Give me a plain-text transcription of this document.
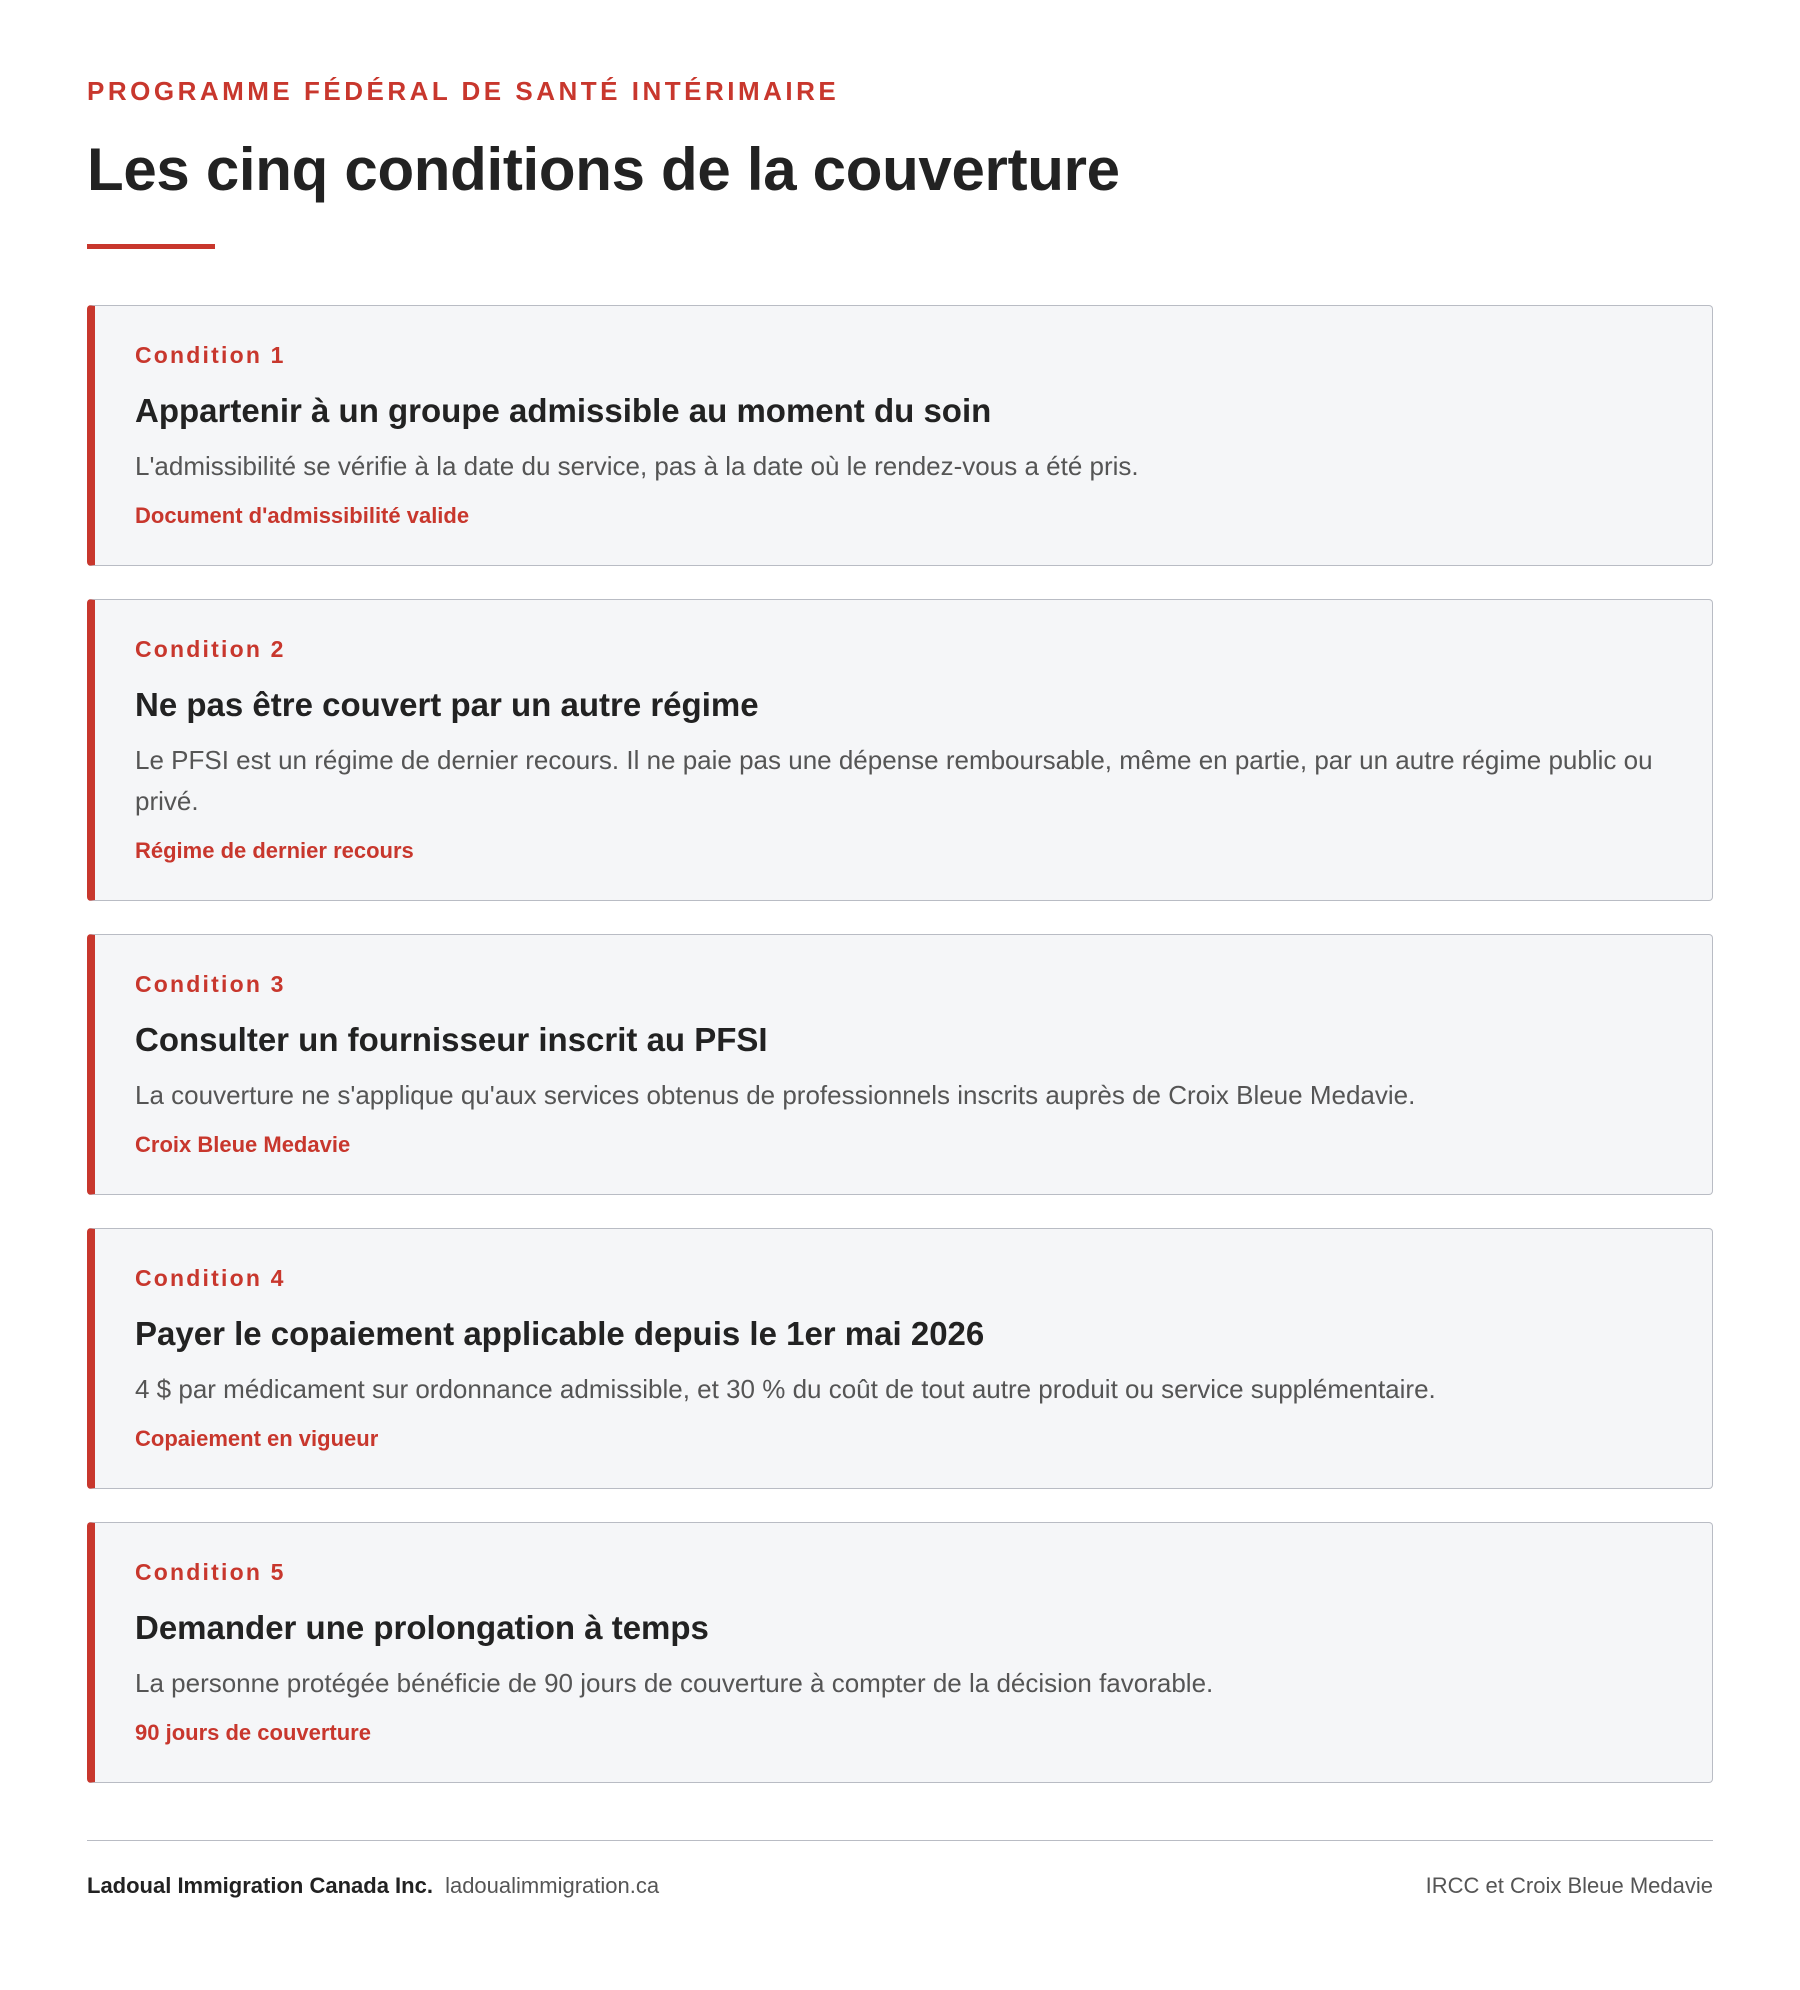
PROGRAMME FÉDÉRAL DE SANTÉ INTÉRIMAIRE

Les cinq conditions de la couverture
Condition 1
Appartenir à un groupe admissible au moment du soin
L'admissibilité se vérifie à la date du service, pas à la date où le rendez-vous a été pris.
Document d'admissibilité valide
Condition 2
Ne pas être couvert par un autre régime
Le PFSI est un régime de dernier recours. Il ne paie pas une dépense remboursable, même en partie, par un autre régime public ou privé.
Régime de dernier recours
Condition 3
Consulter un fournisseur inscrit au PFSI
La couverture ne s'applique qu'aux services obtenus de professionnels inscrits auprès de Croix Bleue Medavie.
Croix Bleue Medavie
Condition 4
Payer le copaiement applicable depuis le 1er mai 2026
4 $ par médicament sur ordonnance admissible, et 30 % du coût de tout autre produit ou service supplémentaire.
Copaiement en vigueur
Condition 5
Demander une prolongation à temps
La personne protégée bénéficie de 90 jours de couverture à compter de la décision favorable.
90 jours de couverture
Ladoual Immigration Canada Inc. ladoualimmigration.ca	IRCC et Croix Bleue Medavie
